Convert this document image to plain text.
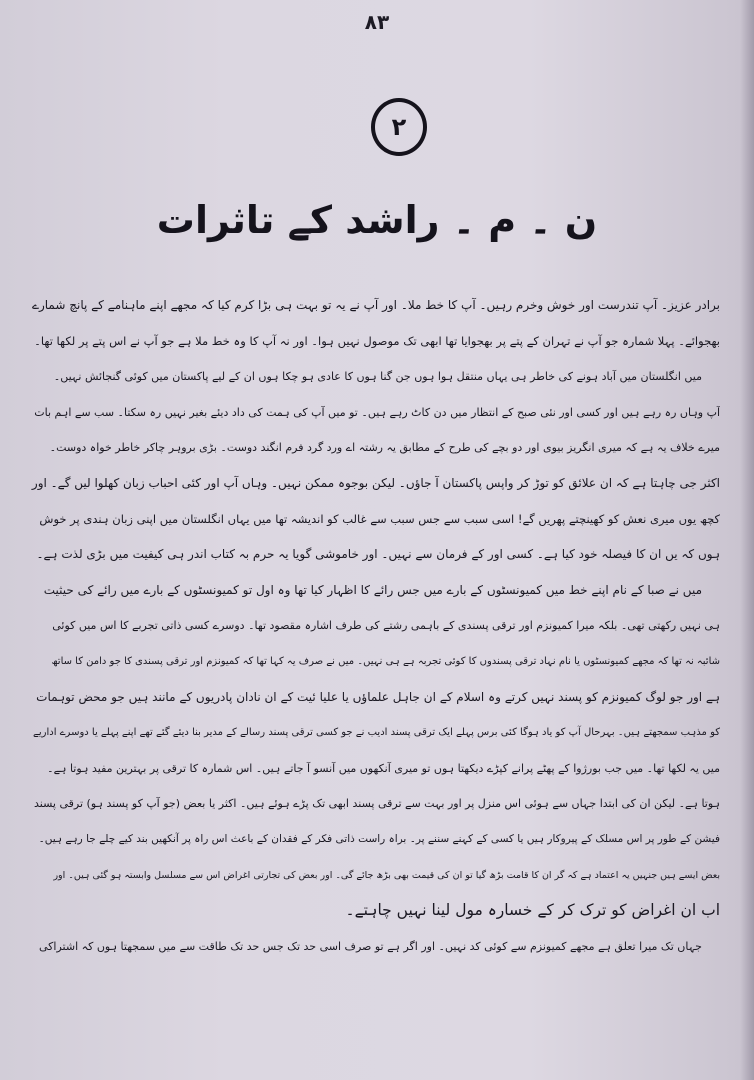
۸۳
۲
ن ۔ م ۔ راشد کے تاثرات
برادر عزیز۔ آپ تندرست اور خوش وخرم رہیں۔ آپ کا خط ملا۔ اور آپ نے یہ تو بہت ہی بڑا کرم کیا کہ مجھے اپنے ماہنامے کے پانچ شمارے
بھجوائے۔ پہلا شمارہ جو آپ نے تہران کے پتے پر بھجوایا تھا ابھی تک موصول نہیں ہوا۔ اور نہ آپ کا وہ خط ملا ہے جو آپ نے اس پتے پر لکھا تھا۔
میں انگلستان میں آباد ہونے کی خاطر ہی یہاں منتقل ہوا ہوں جن گنا ہوں کا عادی ہو چکا ہوں ان کے لیے پاکستان میں کوئی گنجائش نہیں۔
آپ وہاں رہ رہے ہیں اور کسی اور نئی صبح کے انتظار میں دن کاٹ رہے ہیں۔ تو میں آپ کی ہمت کی داد دیئے بغیر نہیں رہ سکتا۔ سب سے اہم بات
میرے خلاف یہ ہے کہ میری انگریز بیوی اور دو بچے کی طرح کے مطابق یہ رشتہ اے ورد گرد فرم انگند دوست۔ بڑی بروہر چاکر خاطر خواہ دوست۔
اکثر جی چاہتا ہے کہ ان علائق کو توڑ کر واپس پاکستان آ جاؤں۔ لیکن بوجوہ ممکن نہیں۔ وہاں آپ اور کئی احباب زبان کھلوا لیں گے۔ اور
کچھ یوں میری نعش کو کھینچتے پھریں گے! اسی سبب سے جس سبب سے غالب کو اندیشہ تھا میں یہاں انگلستان میں اپنی زبان ہندی پر خوش
ہوں کہ یں ان کا فیصلہ خود کیا ہے۔ کسی اور کے فرمان سے نہیں۔ اور خاموشی گویا یہ حرم بہ کتاب اندر ہی کیفیت میں بڑی لذت ہے۔
میں نے صبا کے نام اپنے خط میں کمیونسٹوں کے بارے میں جس رائے کا اظہار کیا تھا وہ اول تو کمیونسٹوں کے بارے میں رائے کی حیثیت
ہی نہیں رکھتی تھی۔ بلکہ میرا کمیونزم اور ترقی پسندی کے باہمی رشتے کی طرف اشارہ مقصود تھا۔ دوسرے کسی ذاتی تجربے کا اس میں کوئی
شائبہ نہ تھا کہ مجھے کمیونسٹوں یا نام نہاد ترقی پسندوں کا کوئی تجربہ ہے ہی نہیں۔ میں نے صرف یہ کہا تھا کہ کمیونزم اور ترقی پسندی کا جو دامن کا ساتھ
ہے اور جو لوگ کمیونزم کو پسند نہیں کرتے وہ اسلام کے ان جاہل علماؤں یا علیا ئیت کے ان نادان پادریوں کے مانند ہیں جو محض توہمات
کو مذہب سمجھتے ہیں۔ بہرحال آپ کو یاد ہوگا کئی برس پہلے ایک ترقی پسند ادیب نے جو کسی ترقی پسند رسالے کے مدیر بنا دیئے گئے تھے اپنے پہلے یا دوسرے اداریے
میں یہ لکھا تھا۔ میں جب بورژوا کے پھٹے پرانے کپڑے دیکھتا ہوں تو میری آنکھوں میں آنسو آ جاتے ہیں۔ اس شمارہ کا ترقی پر بہترین مفید ہوتا ہے۔
ہوتا ہے۔ لیکن ان کی ابتدا جہاں سے ہوئی اس منزل پر اور بہت سے ترقی پسند ابھی تک پڑے ہوئے ہیں۔ اکثر یا بعض (جو آپ کو پسند ہو) ترقی پسند
فیشن کے طور پر اس مسلک کے پیروکار ہیں یا کسی کے کہنے سننے پر۔ براہ راست ذاتی فکر کے فقدان کے باعث اس راہ پر آنکھیں بند کیے چلے جا رہے ہیں۔
بعض ایسے ہیں جنہیں یہ اعتماد ہے کہ گر ان کا قامت بڑھ گیا تو ان کی قیمت بھی بڑھ جائے گی۔ اور بعض کی تجارتی اغراض اس سے مسلسل وابستہ ہو گئی ہیں۔ اور
اب ان اغراض کو ترک کر کے خسارہ مول لینا نہیں چاہتے۔
جہاں تک میرا تعلق ہے مجھے کمیونزم سے کوئی کد نہیں۔ اور اگر ہے تو صرف اسی حد تک جس حد تک طاقت سے میں سمجھتا ہوں کہ اشتراکی
